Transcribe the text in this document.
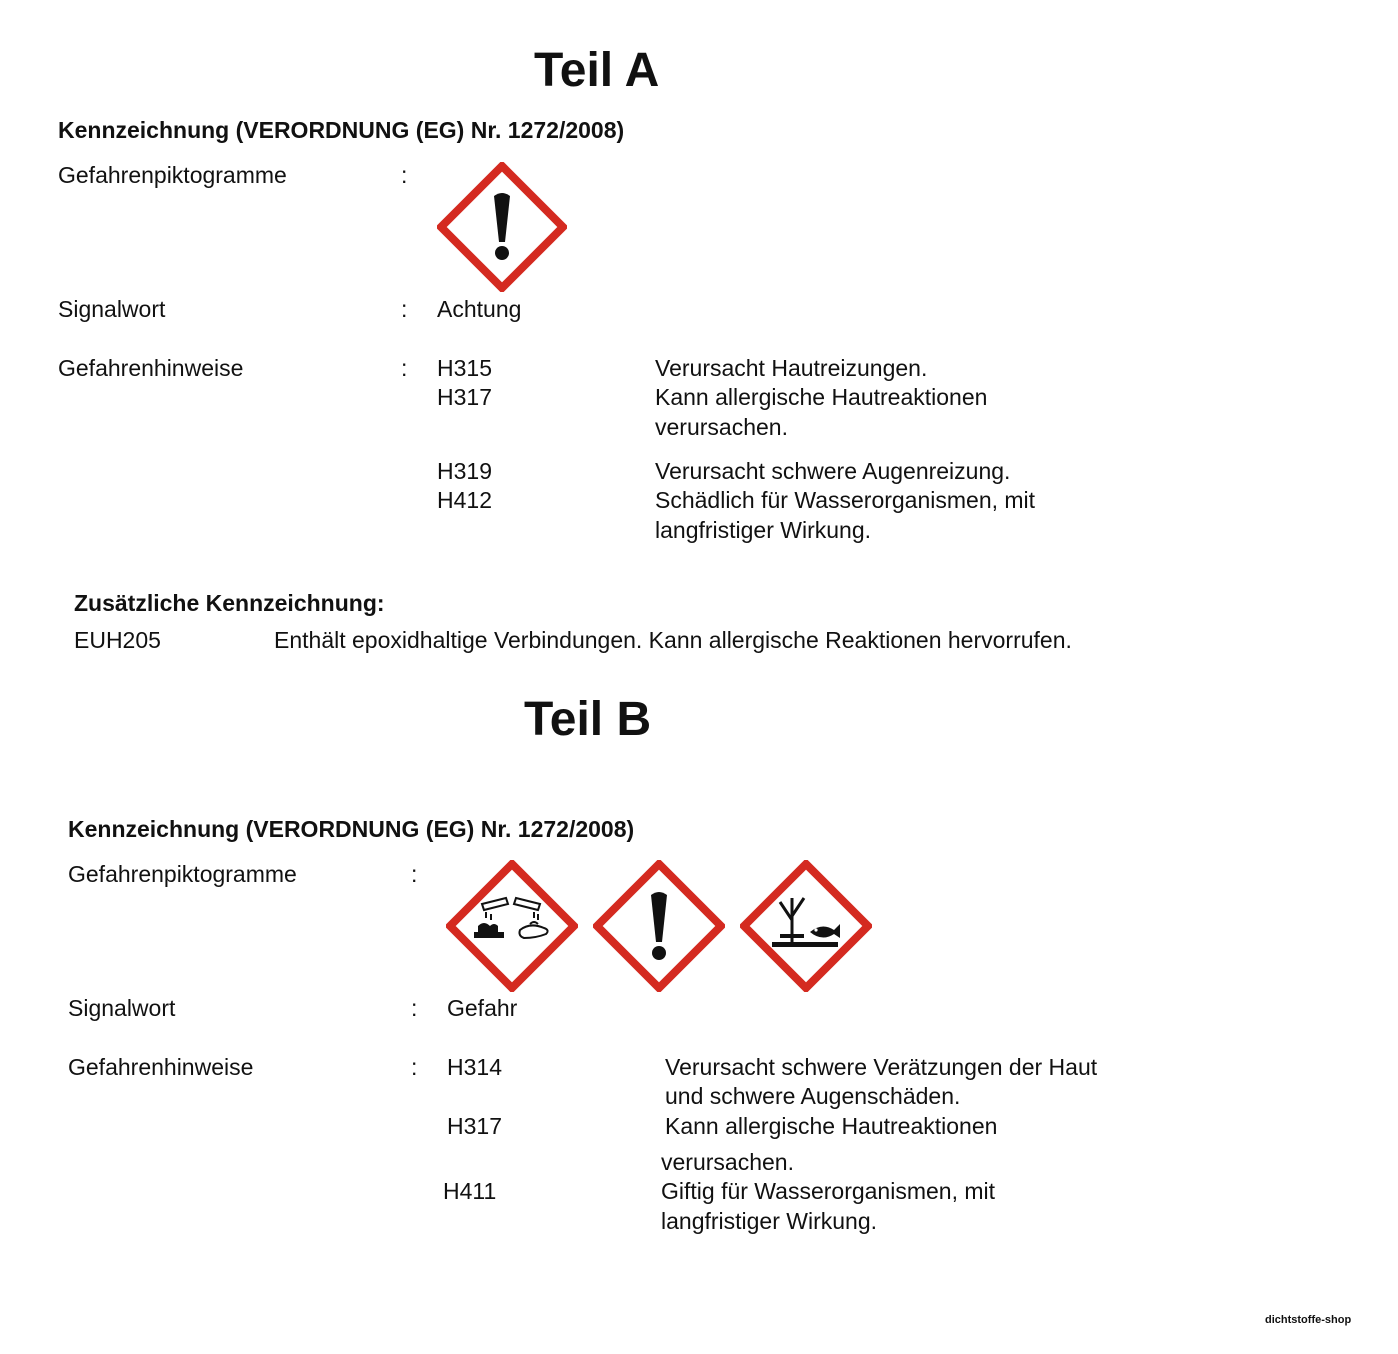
Teil A
Kennzeichnung (VERORDNUNG (EG) Nr. 1272/2008)
Gefahrenpiktogramme	:
Signalwort	: Achtung
Gefahrenhinweise	: H315	Verursacht Hautreizungen.
H317	Kann allergische Hautreaktionen
verursachen.
H319	Verursacht schwere Augenreizung.
H412	Schädlich für Wasserorganismen, mit
langfristiger Wirkung.
Zusätzliche Kennzeichnung:
EUH205	Enthält epoxidhaltige Verbindungen. Kann allergische Reaktionen hervorrufen.
Teil B
Kennzeichnung (VERORDNUNG (EG) Nr. 1272/2008)
Gefahrenpiktogramme	:
Signalwort	: Gefahr
Gefahrenhinweise	: H314	Verursacht schwere Verätzungen der Haut
und schwere Augenschäden.
H317	Kann allergische Hautreaktionen
verursachen.
H411	Giftig für Wasserorganismen, mit
langfristiger Wirkung.
dichtstoffe-shop
